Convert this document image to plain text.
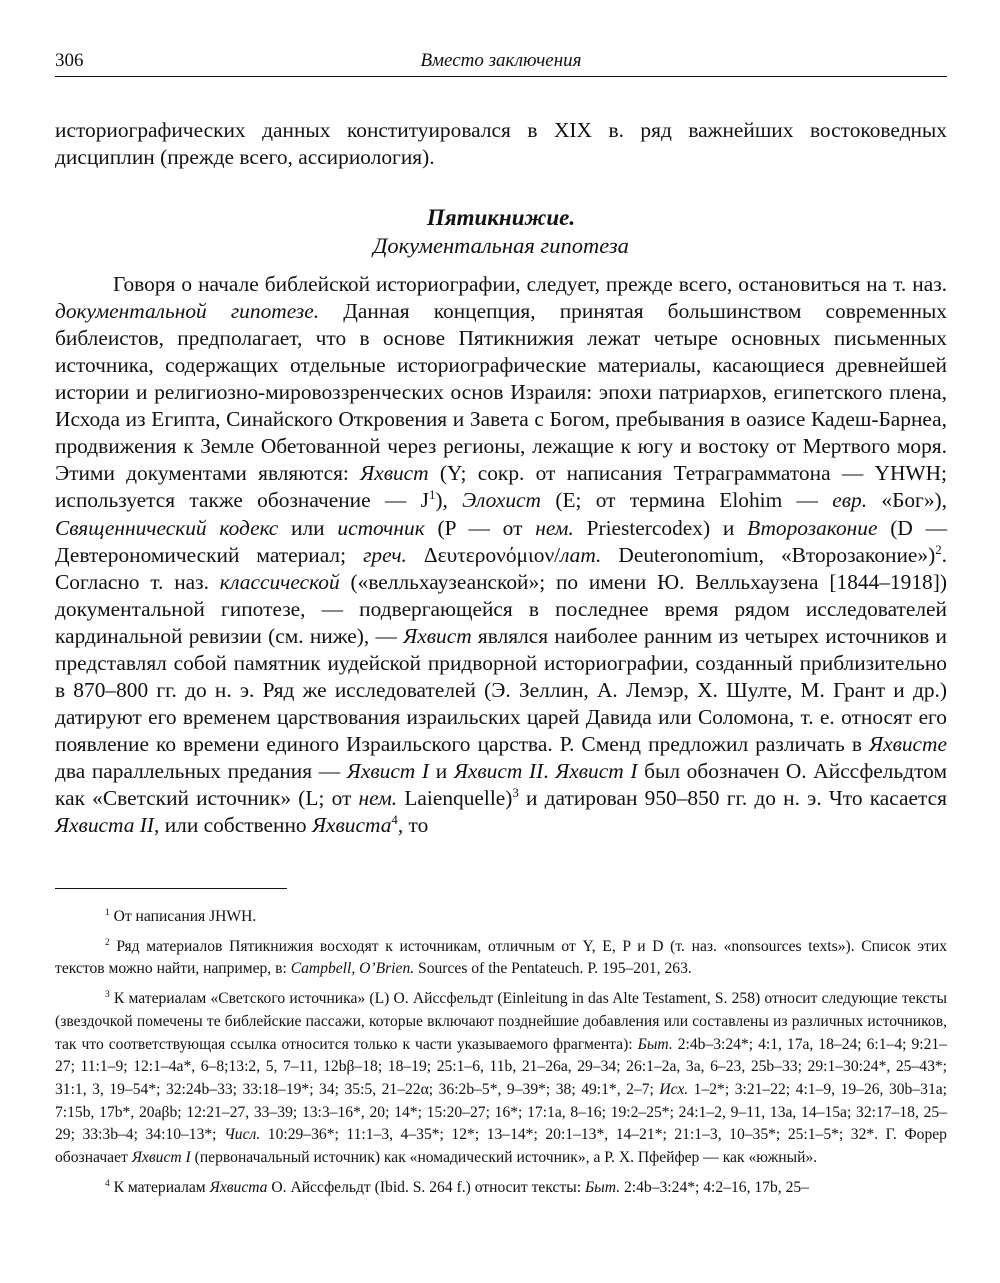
306	Вместо заключения

историографических данных конституировался в XIX в. ряд важнейших востоковедных дисциплин (прежде всего, ассириология).

Пятикнижие.
Документальная гипотеза

Говоря о начале библейской историографии, следует, прежде всего, остановиться на т. наз. документальной гипотезе. Данная концепция, принятая большинством современных библеистов, предполагает, что в основе Пятикнижия лежат четыре основных письменных источника, содержащих отдельные историографические материалы, касающиеся древнейшей истории и религиозно-мировоззренческих основ Израиля: эпохи патриархов, египетского плена, Исхода из Египта, Синайского Откровения и Завета с Богом, пребывания в оазисе Кадеш-Барнеа, продвижения к Земле Обетованной через регионы, лежащие к югу и востоку от Мертвого моря. Этими документами являются: Яхвист (Y; сокр. от написания Тетраграмматона — YHWH; используется также обозначение — $J^1$), Элохист (E; от термина Elohim — евр. «Бог»), Священнический кодекс или источник (P — от нем. Priestercodex) и Второзаконие (D — Девтерономический материал; греч. Δευτερονόμιον/лат. Deuteronomium, «Второзаконие»)$^2$. Согласно т. наз. классической («велльхаузеанской»; по имени Ю. Велльхаузена [1844–1918]) документальной гипотезе, — подвергающейся в последнее время рядом исследователей кардинальной ревизии (см. ниже), — Яхвист являлся наиболее ранним из четырех источников и представлял собой памятник иудейской придворной историографии, созданный приблизительно в 870–800 гг. до н. э. Ряд же исследователей (Э. Зеллин, А. Лемэр, Х. Шулте, М. Грант и др.) датируют его временем царствования израильских царей Давида или Соломона, т. е. относят его появление ко времени единого Израильского царства. Р. Сменд предложил различать в Яхвисте два параллельных предания — Яхвист I и Яхвист II. Яхвист I был обозначен О. Айссфельдтом как «Светский источник» (L; от нем. Laienquelle)$^3$ и датирован 950–850 гг. до н. э. Что касается Яхвиста II, или собственно Яхвиста$^4$, то

$^1$ От написания JHWH.

$^2$ Ряд материалов Пятикнижия восходят к источникам, отличным от Y, E, P и D (т. наз. «nonsources texts»). Список этих текстов можно найти, например, в: Campbell, O’Brien. Sources of the Pentateuch. P. 195–201, 263.

$^3$ К материалам «Светского источника» (L) О. Айссфельдт (Einleitung in das Alte Testament, S. 258) относит следующие тексты (звездочкой помечены те библейские пассажи, которые включают позднейшие добавления или составлены из различных источников, так что соответствующая ссылка относится только к части указываемого фрагмента): Быт. 2:4b–3:24*; 4:1, 17a, 18–24; 6:1–4; 9:21–27; 11:1–9; 12:1–4a*, 6–8;13:2, 5, 7–11, 12bβ–18; 18–19; 25:1–6, 11b, 21–26a, 29–34; 26:1–2a, 3a, 6–23, 25b–33; 29:1–30:24*, 25–43*; 31:1, 3, 19–54*; 32:24b–33; 33:18–19*; 34; 35:5, 21–22α; 36:2b–5*, 9–39*; 38; 49:1*, 2–7; Исх. 1–2*; 3:21–22; 4:1–9, 19–26, 30b–31a; 7:15b, 17b*, 20aβb; 12:21–27, 33–39; 13:3–16*, 20; 14*; 15:20–27; 16*; 17:1a, 8–16; 19:2–25*; 24:1–2, 9–11, 13a, 14–15a; 32:17–18, 25–29; 33:3b–4; 34:10–13*; Числ. 10:29–36*; 11:1–3, 4–35*; 12*; 13–14*; 20:1–13*, 14–21*; 21:1–3, 10–35*; 25:1–5*; 32*. Г. Форер обозначает Яхвист I (первоначальный источник) как «номадический источник», а Р. Х. Пфейфер — как «южный».

$^4$ К материалам Яхвиста О. Айссфельдт (Ibid. S. 264 f.) относит тексты: Быт. 2:4b–3:24*; 4:2–16, 17b, 25–
